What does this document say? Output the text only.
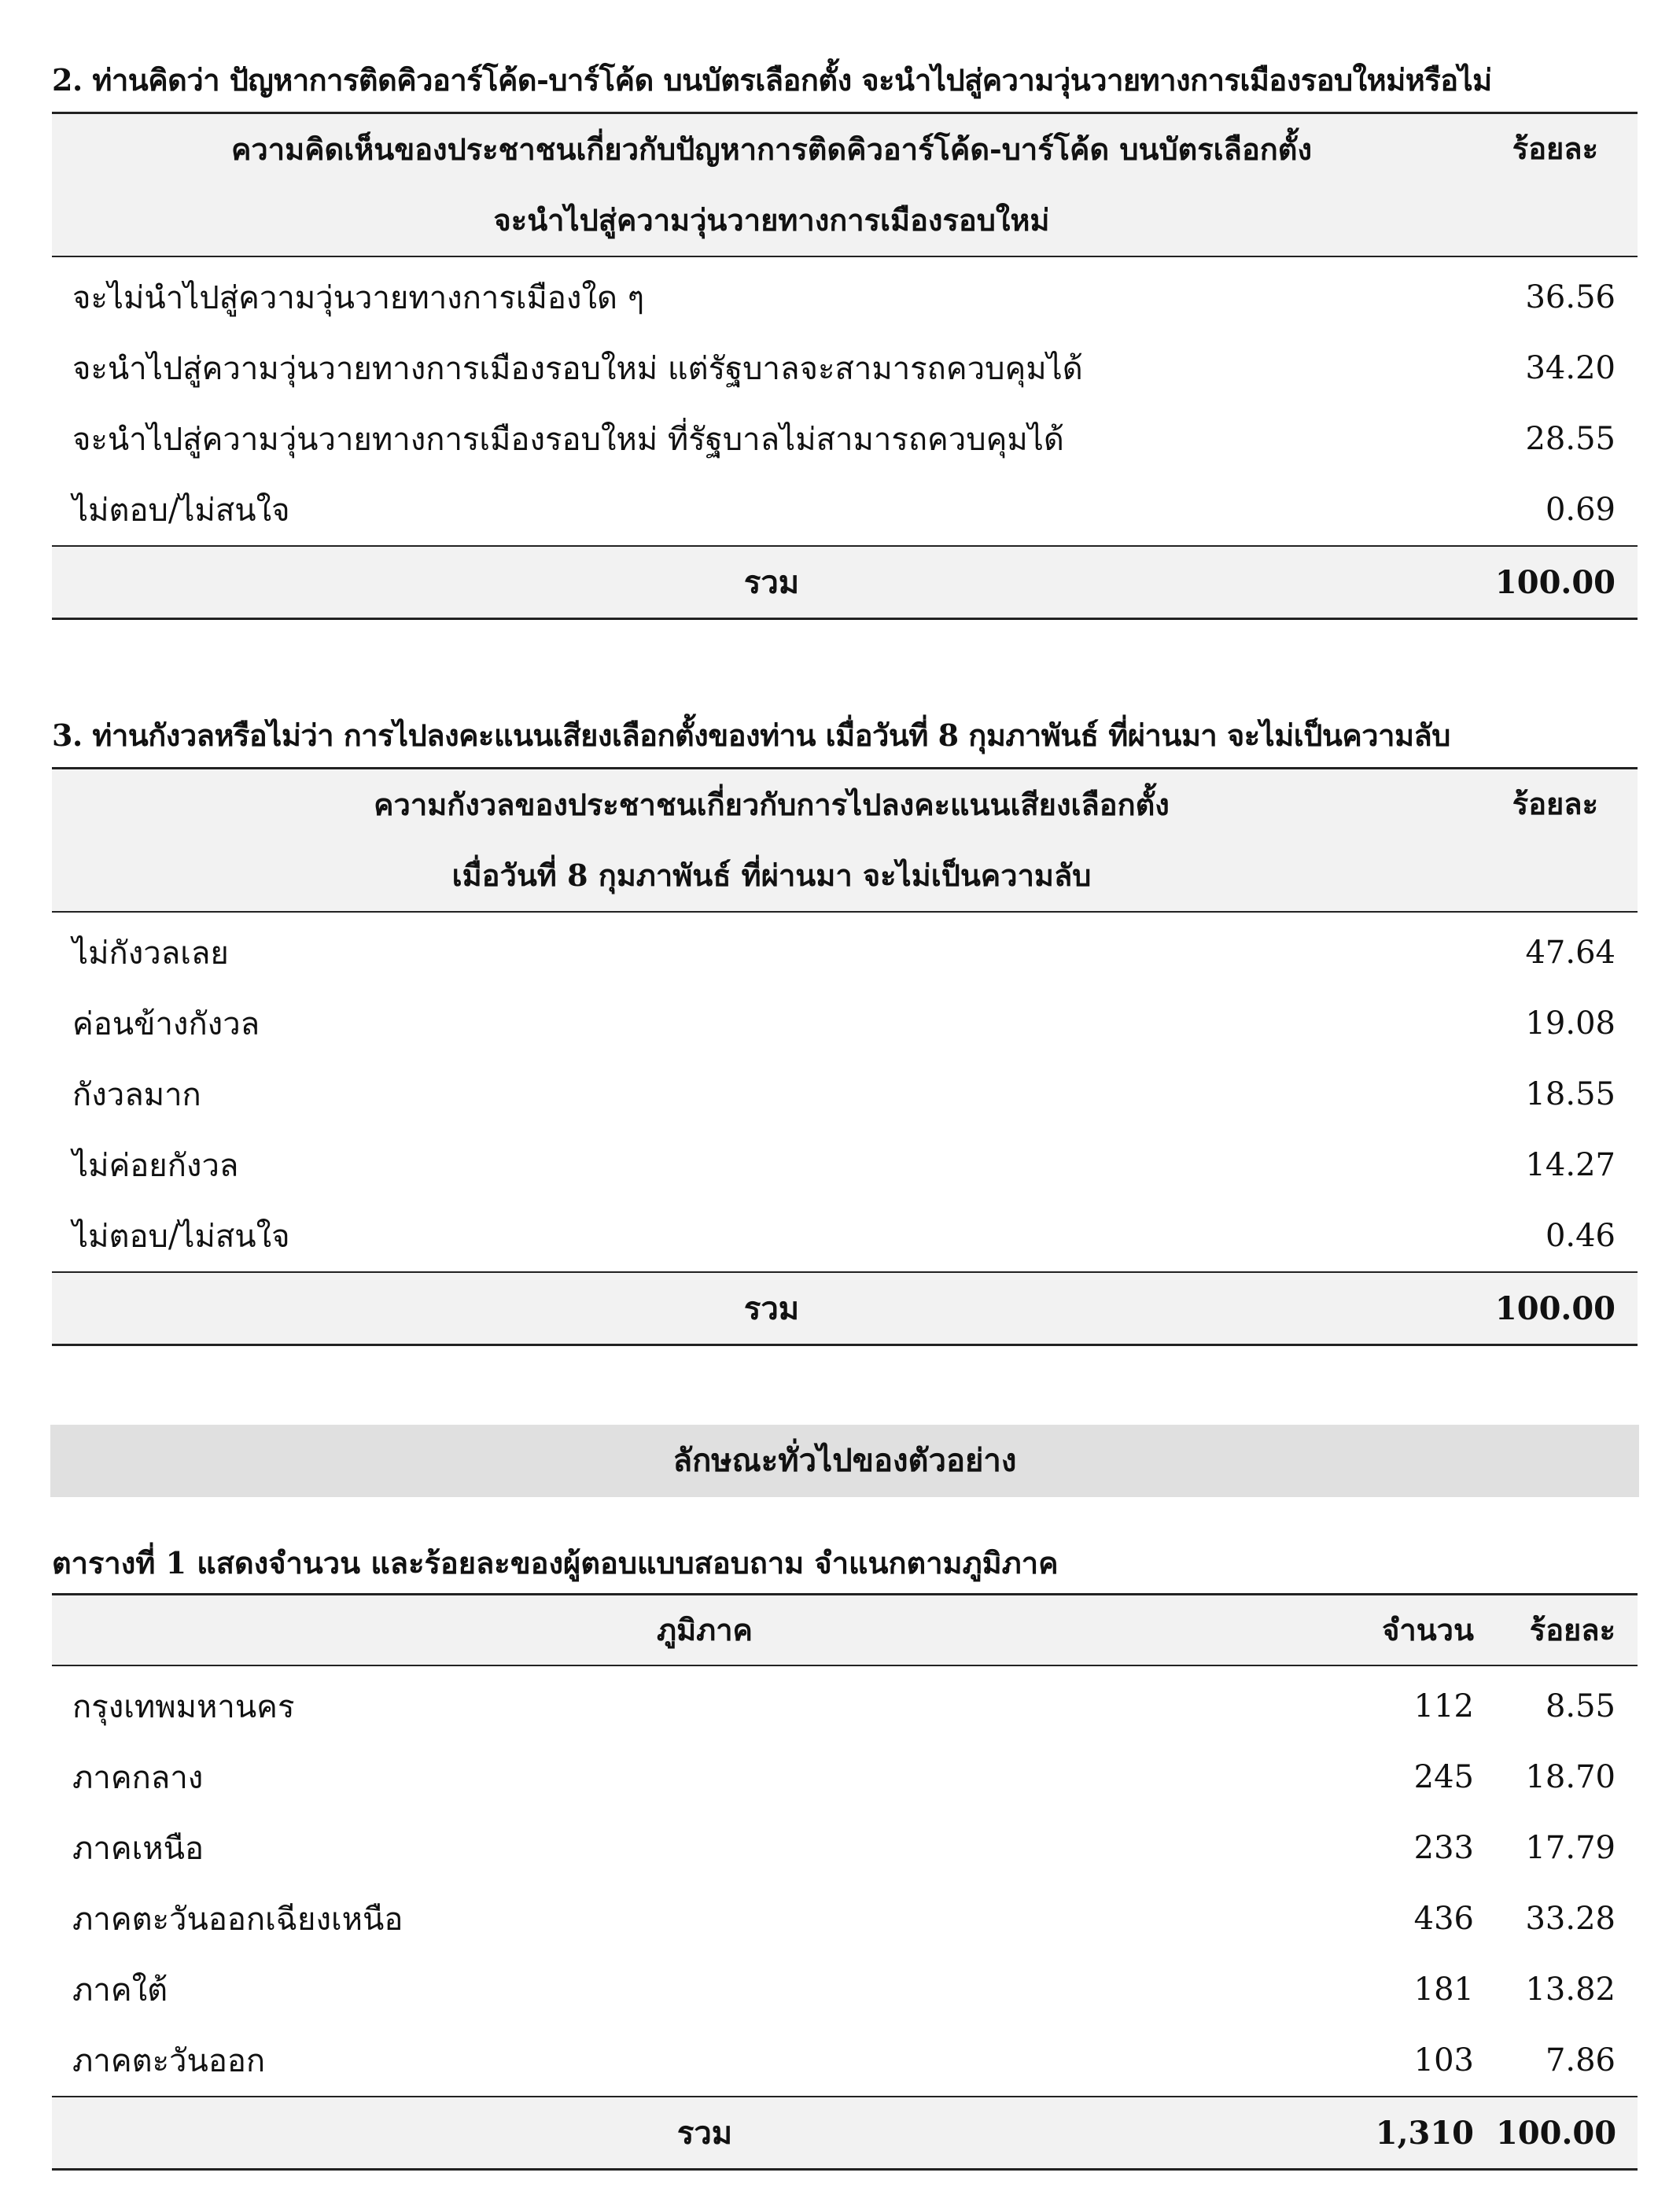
2. ท่านคิดว่า ปัญหาการติดคิวอาร์โค้ด-บาร์โค้ด บนบัตรเลือกตั้ง จะนำไปสู่ความวุ่นวายทางการเมืองรอบใหม่หรือไม่
ความคิดเห็นของประชาชนเกี่ยวกับปัญหาการติดคิวอาร์โค้ด-บาร์โค้ด บนบัตรเลือกตั้ง
จะนำไปสู่ความวุ่นวายทางการเมืองรอบใหม่	ร้อยละ
จะไม่นำไปสู่ความวุ่นวายทางการเมืองใด ๆ	36.56
จะนำไปสู่ความวุ่นวายทางการเมืองรอบใหม่ แต่รัฐบาลจะสามารถควบคุมได้	34.20
จะนำไปสู่ความวุ่นวายทางการเมืองรอบใหม่ ที่รัฐบาลไม่สามารถควบคุมได้	28.55
ไม่ตอบ/ไม่สนใจ	0.69
รวม	100.00
3. ท่านกังวลหรือไม่ว่า การไปลงคะแนนเสียงเลือกตั้งของท่าน เมื่อวันที่ 8 กุมภาพันธ์ ที่ผ่านมา จะไม่เป็นความลับ
ความกังวลของประชาชนเกี่ยวกับการไปลงคะแนนเสียงเลือกตั้ง
เมื่อวันที่ 8 กุมภาพันธ์ ที่ผ่านมา จะไม่เป็นความลับ	ร้อยละ
ไม่กังวลเลย	47.64
ค่อนข้างกังวล	19.08
กังวลมาก	18.55
ไม่ค่อยกังวล	14.27
ไม่ตอบ/ไม่สนใจ	0.46
รวม	100.00
ลักษณะทั่วไปของตัวอย่าง
ตารางที่ 1 แสดงจำนวน และร้อยละของผู้ตอบแบบสอบถาม จำแนกตามภูมิภาค
ภูมิภาค	จำนวน	ร้อยละ
กรุงเทพมหานคร	112	8.55
ภาคกลาง	245	18.70
ภาคเหนือ	233	17.79
ภาคตะวันออกเฉียงเหนือ	436	33.28
ภาคใต้	181	13.82
ภาคตะวันออก	103	7.86
รวม	1,310	100.00
